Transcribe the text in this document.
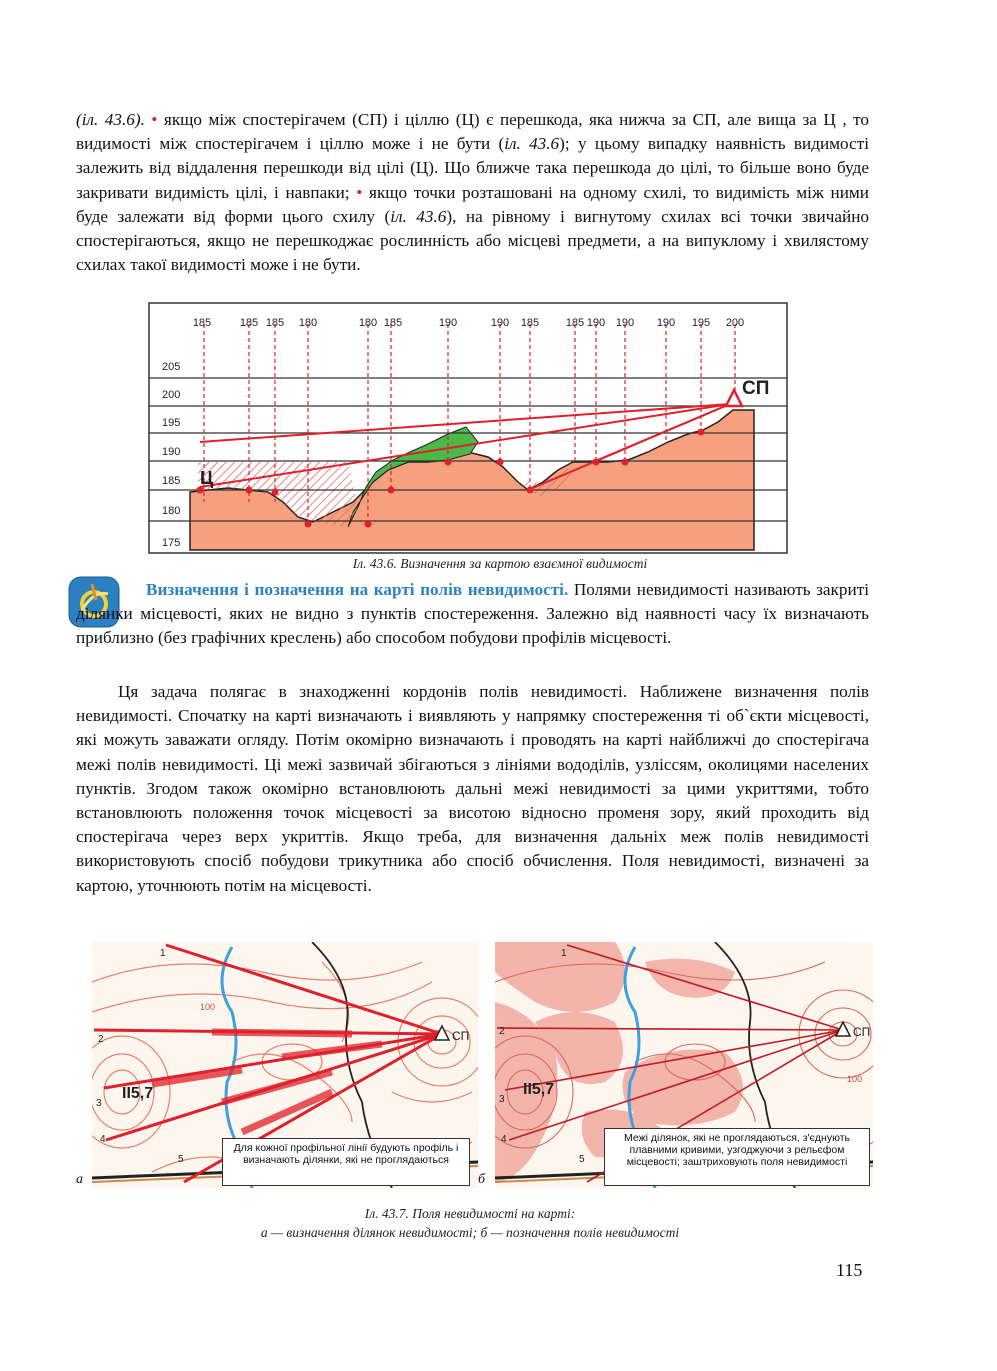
(іл. 43.6). • якщо між спостерігачем (СП) і ціллю (Ц) є перешкода, яка нижча за СП, але вища за Ц , то видимості між спостерігачем і ціллю може і не бути (іл. 43.6); у цьому випадку наявність видимості залежить від віддалення перешкоди від цілі (Ц). Що ближче така перешкода до цілі, то більше воно буде закривати видимість цілі, і навпаки; • якщо точки розташовані на одному схилі, то видимість між ними буде залежати від форми цього схилу (іл. 43.6), на рівному і вигнутому схилах всі точки звичайно спостерігаються, якщо не перешкоджає рослинність або місцеві предмети, а на випуклому і хвилястому схилах такої видимості може і не бути.

СП
Ц
185	185 185 180	180 185	190	190 185 185 190 190 190 195 200
205
200
195
190
185
180
175
Іл. 43.6. Визначення за картою взаємної видимості

Визначення і позначення на карті полів невидимості. Полями невидимості називають закриті ділянки місцевості, яких не видно з пунктів спостереження. Залежно від наявності часу їх визначають приблизно (без графічних креслень) або способом побудови профілів місцевості.

Ця задача полягає в знаходженні кордонів полів невидимості. Наближене визначення полів невидимості. Спочатку на карті визначають і виявляють у напрямку спостереження ті об`єкти місцевості, які можуть заважати огляду. Потім окомірно визначають і проводять на карті найближчі до спостерігача межі полів невидимості. Ці межі зазвичай збігаються з лініями вододілів, узліссям, околицями населених пунктів. Згодом також окомірно встановлюють дальні межі невидимості за цими укриттями, тобто встановлюють положення точок місцевості за висотою відносно променя зору, який проходить від спостерігача через верх укриттів. Якщо треба, для визначення дальніх меж полів невидимості використовують спосіб побудови трикутника або спосіб обчислення. Поля невидимості, визначені за картою, уточнюють потім на місцевості.

СП
II5,7
100
1
2
3
4
5
Для кожної профільної лінії будують профіль і визначають ділянки, які не проглядаються
а
СП
II5,7
100
1
2
3
4
5
Межі ділянок, які не проглядаються, з'єднують плавними кривими, узгоджуючи з рельєфом місцевості; заштриховують поля невидимості
б
Іл. 43.7. Поля невидимості на карті:
а — визначення ділянок невидимості; б — позначення полів невидимості
115
